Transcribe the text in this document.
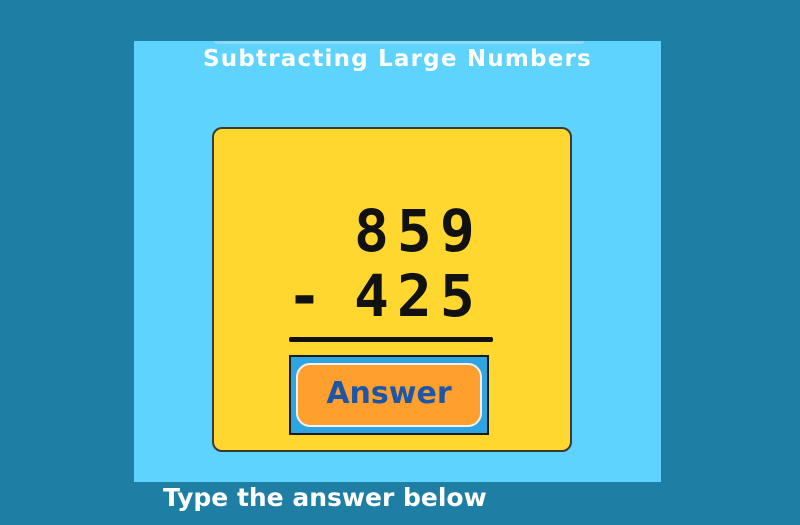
Subtracting Large Numbers
859
- 425
Answer
Type the answer below
